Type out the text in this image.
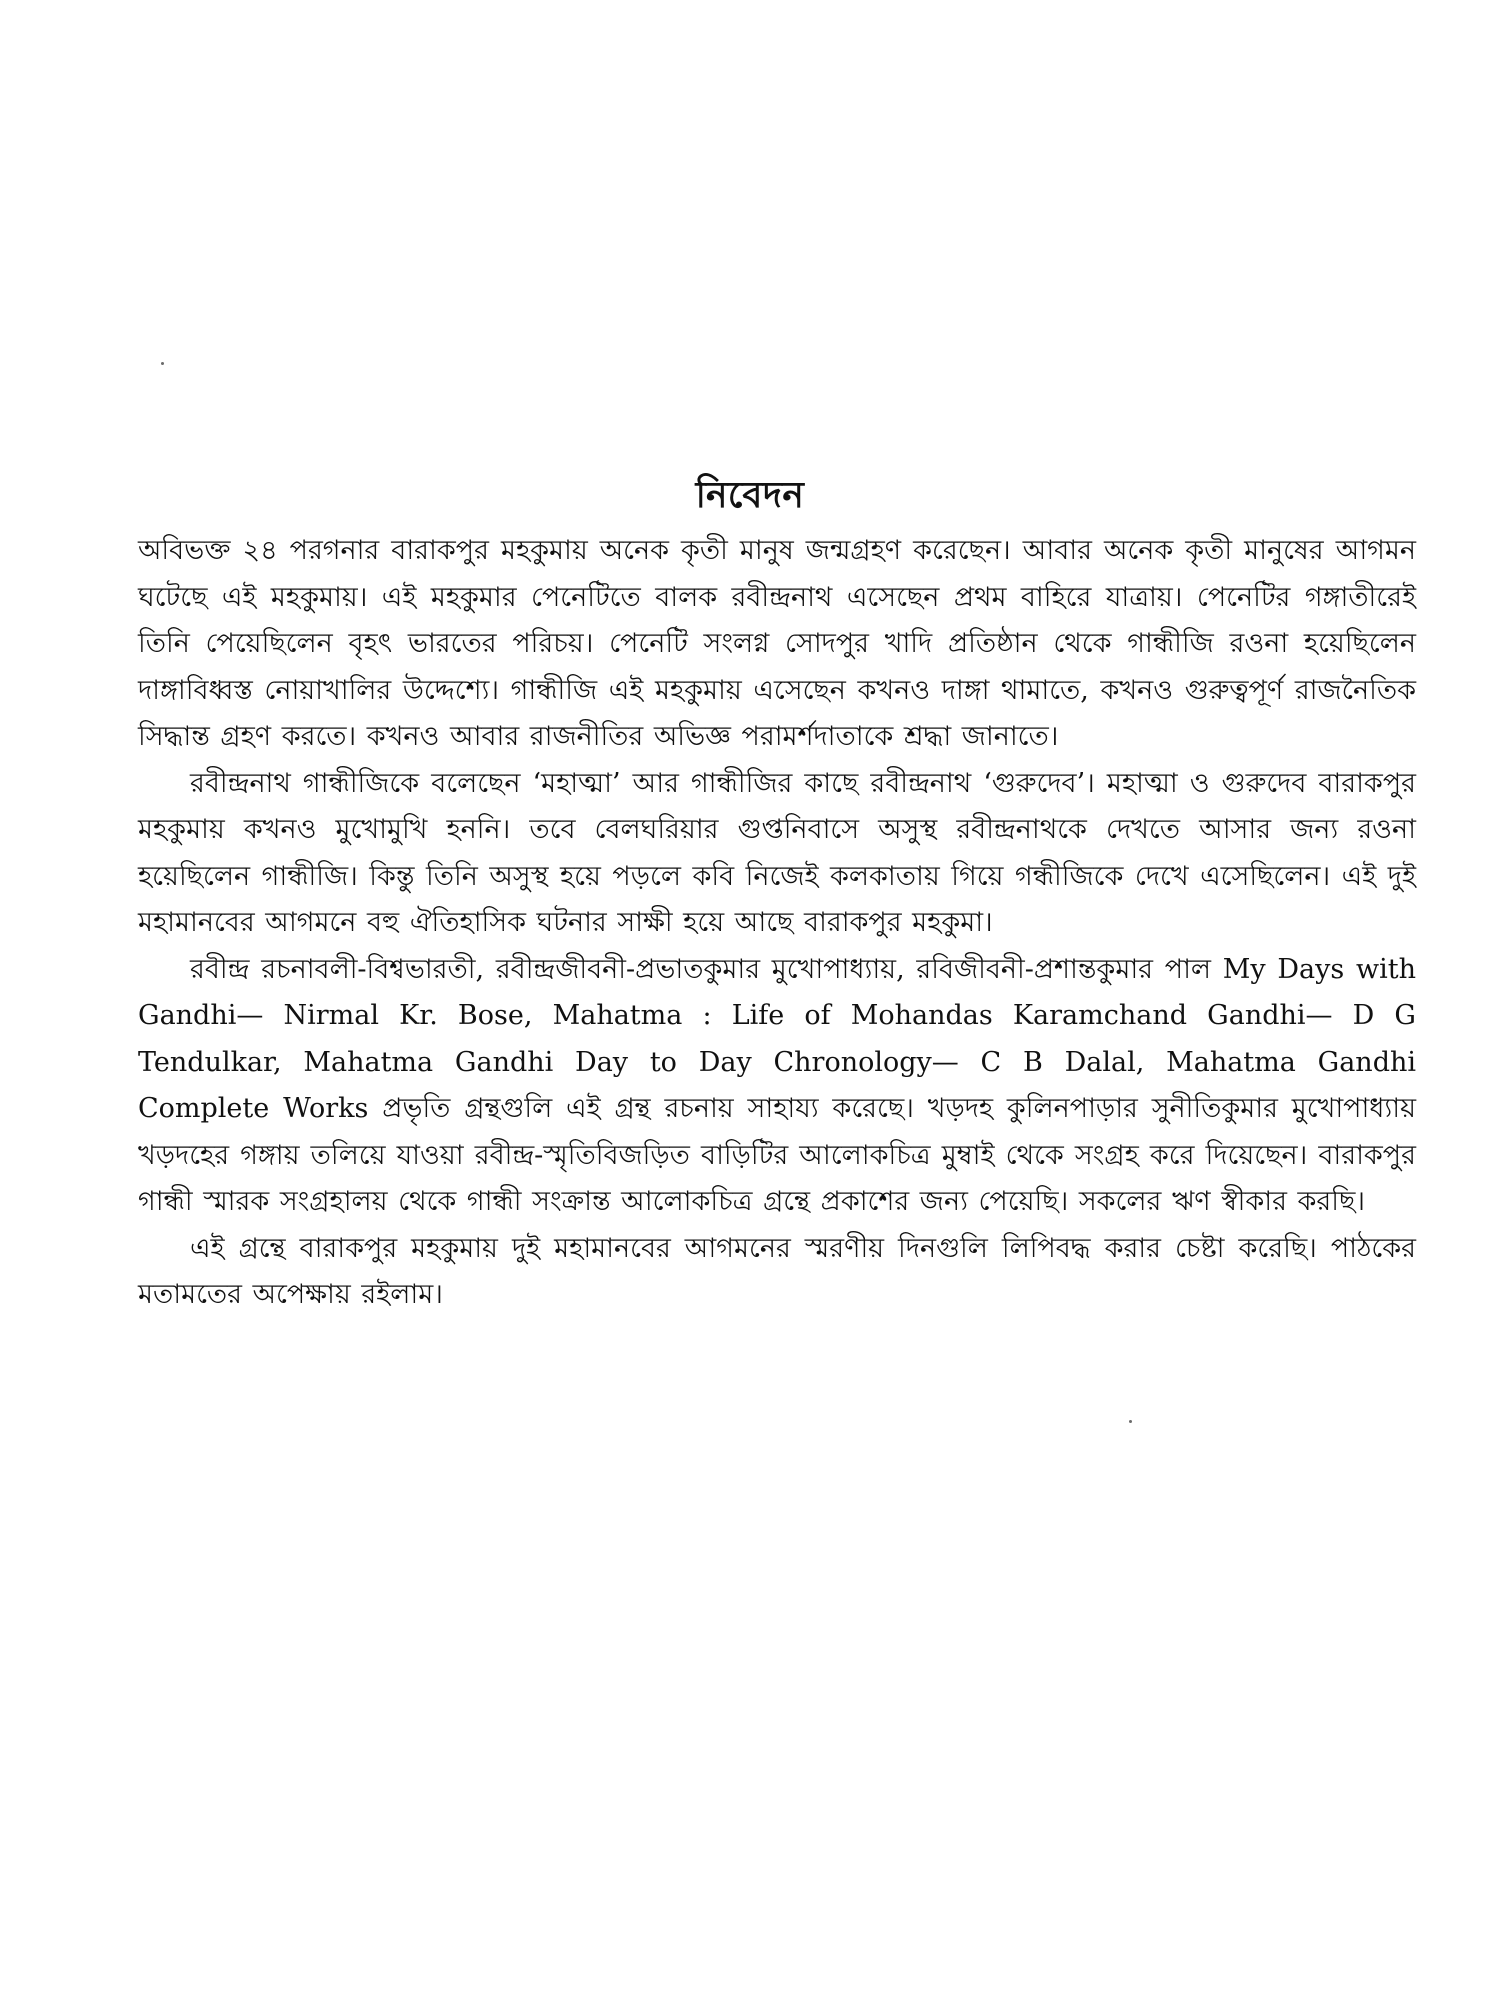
নিবেদন

অবিভক্ত ২৪ পরগনার বারাকপুর মহকুমায় অনেক কৃতী মানুষ জন্মগ্রহণ করেছেন। আবার অনেক কৃতী মানুষের আগমন ঘটেছে এই মহকুমায়। এই মহকুমার পেনেটিতে বালক রবীন্দ্রনাথ এসেছেন প্রথম বাহিরে যাত্রায়। পেনেটির গঙ্গাতীরেই তিনি পেয়েছিলেন বৃহৎ ভারতের পরিচয়। পেনেটি সংলগ্ন সোদপুর খাদি প্রতিষ্ঠান থেকে গান্ধীজি রওনা হয়েছিলেন দাঙ্গাবিধ্বস্ত নোয়াখালির উদ্দেশ্যে। গান্ধীজি এই মহকুমায় এসেছেন কখনও দাঙ্গা থামাতে, কখনও গুরুত্বপূর্ণ রাজনৈতিক সিদ্ধান্ত গ্রহণ করতে। কখনও আবার রাজনীতির অভিজ্ঞ পরামর্শদাতাকে শ্রদ্ধা জানাতে।

রবীন্দ্রনাথ গান্ধীজিকে বলেছেন ‘মহাত্মা’ আর গান্ধীজির কাছে রবীন্দ্রনাথ ‘গুরুদেব’। মহাত্মা ও গুরুদেব বারাকপুর মহকুমায় কখনও মুখোমুখি হননি। তবে বেলঘরিয়ার গুপ্তনিবাসে অসুস্থ রবীন্দ্রনাথকে দেখতে আসার জন্য রওনা হয়েছিলেন গান্ধীজি। কিন্তু তিনি অসুস্থ হয়ে পড়লে কবি নিজেই কলকাতায় গিয়ে গন্ধীজিকে দেখে এসেছিলেন। এই দুই মহামানবের আগমনে বহু ঐতিহাসিক ঘটনার সাক্ষী হয়ে আছে বারাকপুর মহকুমা।

রবীন্দ্র রচনাবলী-বিশ্বভারতী, রবীন্দ্রজীবনী-প্রভাতকুমার মুখোপাধ্যায়, রবিজীবনী-প্রশান্তকুমার পাল My Days with Gandhi— Nirmal Kr. Bose, Mahatma : Life of Mohandas Karamchand Gandhi— D G Tendulkar, Mahatma Gandhi Day to Day Chronology— C B Dalal, Mahatma Gandhi Complete Works প্রভৃতি গ্রন্থগুলি এই গ্রন্থ রচনায় সাহায্য করেছে। খড়দহ কুলিনপাড়ার সুনীতিকুমার মুখোপাধ্যায় খড়দহের গঙ্গায় তলিয়ে যাওয়া রবীন্দ্র-স্মৃতিবিজড়িত বাড়িটির আলোকচিত্র মুম্বাই থেকে সংগ্রহ করে দিয়েছেন। বারাকপুর গান্ধী স্মারক সংগ্রহালয় থেকে গান্ধী সংক্রান্ত আলোকচিত্র গ্রন্থে প্রকাশের জন্য পেয়েছি। সকলের ঋণ স্বীকার করছি।

এই গ্রন্থে বারাকপুর মহকুমায় দুই মহামানবের আগমনের স্মরণীয় দিনগুলি লিপিবদ্ধ করার চেষ্টা করেছি। পাঠকের মতামতের অপেক্ষায় রইলাম।
